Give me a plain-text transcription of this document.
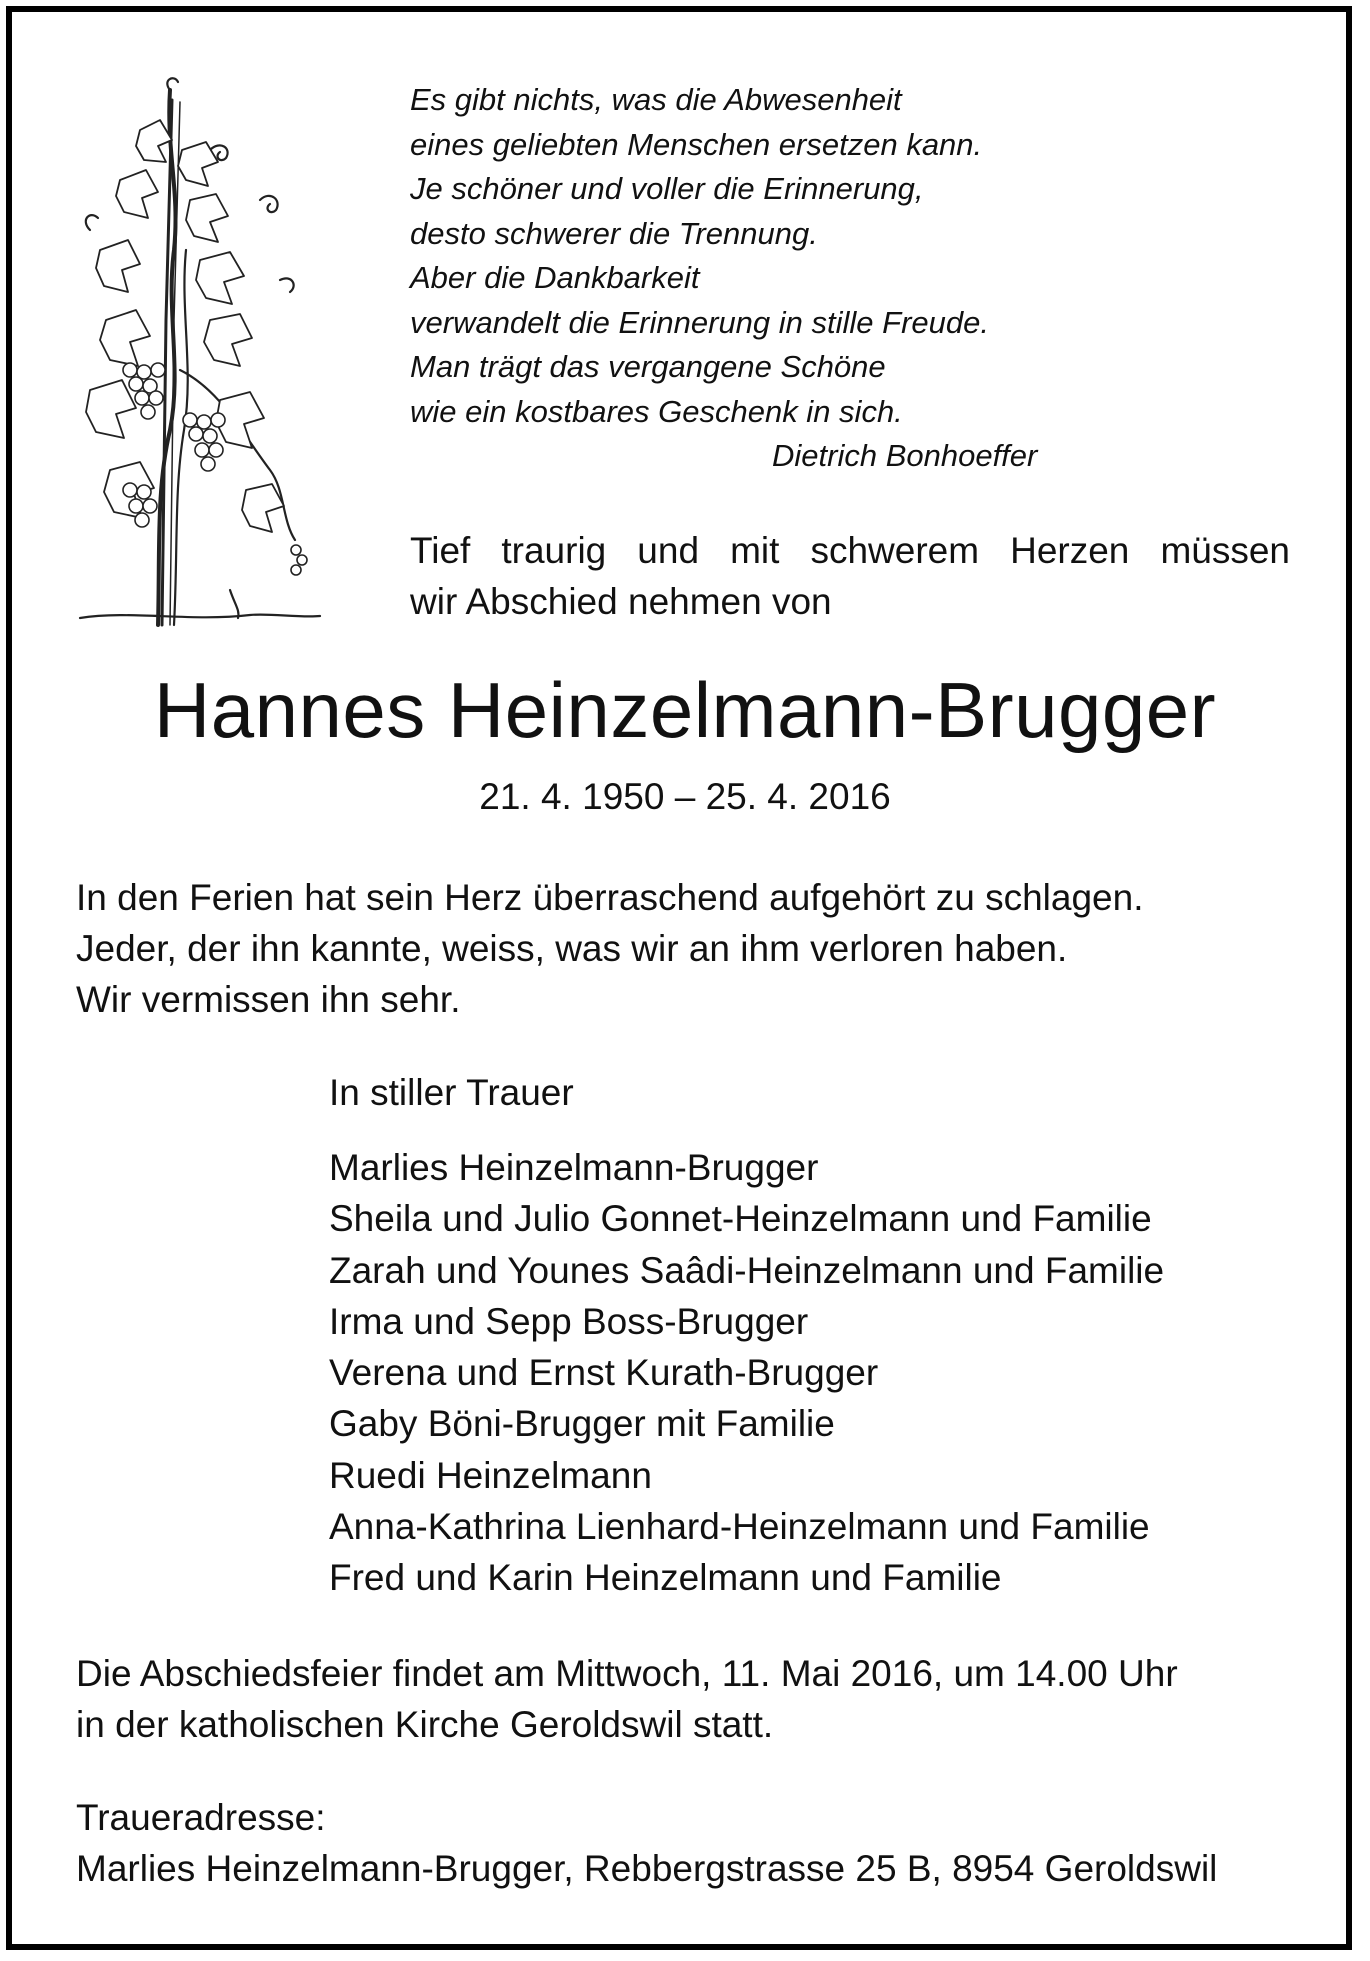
Es gibt nichts, was die Abwesenheit
eines geliebten Menschen ersetzen kann.
Je schöner und voller die Erinnerung,
desto schwerer die Trennung.
Aber die Dankbarkeit
verwandelt die Erinnerung in stille Freude.
Man trägt das vergangene Schöne
wie ein kostbares Geschenk in sich.
Dietrich Bonhoeffer
Tief traurig und mit schwerem Herzen müssen
wir Abschied nehmen von
Hannes Heinzelmann-Brugger
21. 4. 1950 – 25. 4. 2016
In den Ferien hat sein Herz überraschend aufgehört zu schlagen.
Jeder, der ihn kannte, weiss, was wir an ihm verloren haben.
Wir vermissen ihn sehr.
In stiller Trauer
Marlies Heinzelmann-Brugger
Sheila und Julio Gonnet-Heinzelmann und Familie
Zarah und Younes Saâdi-Heinzelmann und Familie
Irma und Sepp Boss-Brugger
Verena und Ernst Kurath-Brugger
Gaby Böni-Brugger mit Familie
Ruedi Heinzelmann
Anna-Kathrina Lienhard-Heinzelmann und Familie
Fred und Karin Heinzelmann und Familie
Die Abschiedsfeier findet am Mittwoch, 11. Mai 2016, um 14.00 Uhr
in der katholischen Kirche Geroldswil statt.
Traueradresse:
Marlies Heinzelmann-Brugger, Rebbergstrasse 25 B, 8954 Geroldswil
